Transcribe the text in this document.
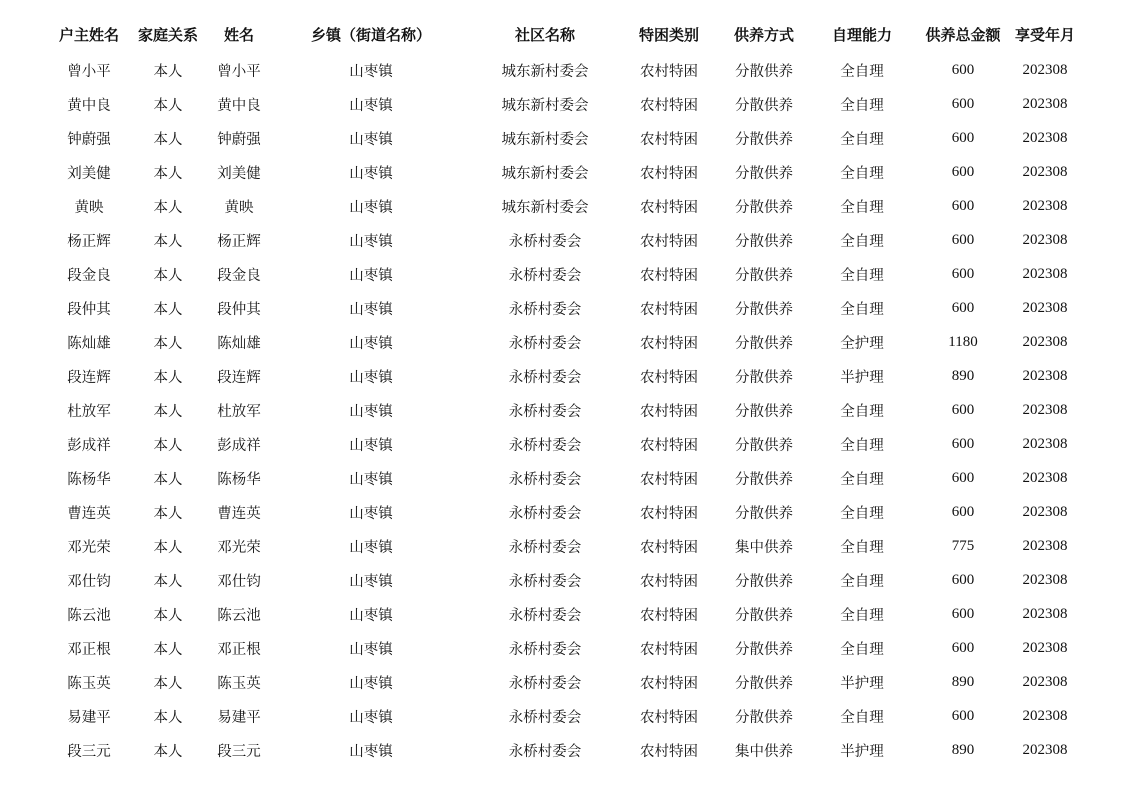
户主姓名	家庭关系	姓名	乡镇（街道名称）	社区名称	特困类别	供养方式	自理能力	供养总金额	享受年月
曾小平	本人	曾小平	山枣镇	城东新村委会	农村特困	分散供养	全自理	600	202308
黄中良	本人	黄中良	山枣镇	城东新村委会	农村特困	分散供养	全自理	600	202308
钟蔚强	本人	钟蔚强	山枣镇	城东新村委会	农村特困	分散供养	全自理	600	202308
刘美健	本人	刘美健	山枣镇	城东新村委会	农村特困	分散供养	全自理	600	202308
黄映	本人	黄映	山枣镇	城东新村委会	农村特困	分散供养	全自理	600	202308
杨正辉	本人	杨正辉	山枣镇	永桥村委会	农村特困	分散供养	全自理	600	202308
段金良	本人	段金良	山枣镇	永桥村委会	农村特困	分散供养	全自理	600	202308
段仲其	本人	段仲其	山枣镇	永桥村委会	农村特困	分散供养	全自理	600	202308
陈灿雄	本人	陈灿雄	山枣镇	永桥村委会	农村特困	分散供养	全护理	1180	202308
段连辉	本人	段连辉	山枣镇	永桥村委会	农村特困	分散供养	半护理	890	202308
杜放军	本人	杜放军	山枣镇	永桥村委会	农村特困	分散供养	全自理	600	202308
彭成祥	本人	彭成祥	山枣镇	永桥村委会	农村特困	分散供养	全自理	600	202308
陈杨华	本人	陈杨华	山枣镇	永桥村委会	农村特困	分散供养	全自理	600	202308
曹连英	本人	曹连英	山枣镇	永桥村委会	农村特困	分散供养	全自理	600	202308
邓光荣	本人	邓光荣	山枣镇	永桥村委会	农村特困	集中供养	全自理	775	202308
邓仕钧	本人	邓仕钧	山枣镇	永桥村委会	农村特困	分散供养	全自理	600	202308
陈云池	本人	陈云池	山枣镇	永桥村委会	农村特困	分散供养	全自理	600	202308
邓正根	本人	邓正根	山枣镇	永桥村委会	农村特困	分散供养	全自理	600	202308
陈玉英	本人	陈玉英	山枣镇	永桥村委会	农村特困	分散供养	半护理	890	202308
易建平	本人	易建平	山枣镇	永桥村委会	农村特困	分散供养	全自理	600	202308
段三元	本人	段三元	山枣镇	永桥村委会	农村特困	集中供养	半护理	890	202308
